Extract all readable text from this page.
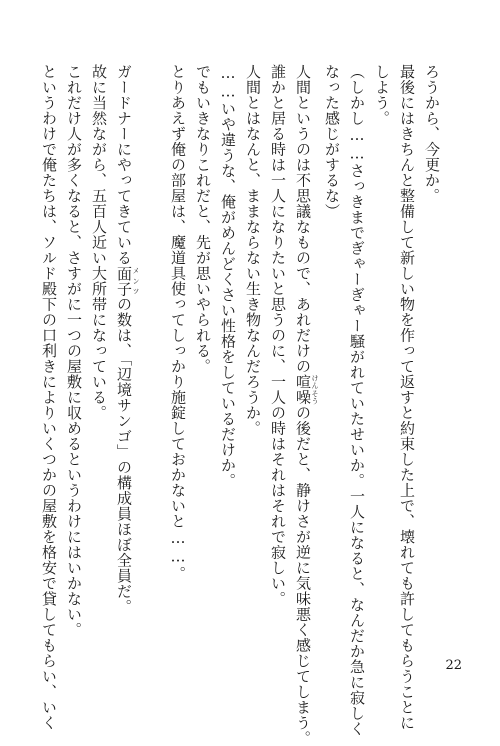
ろうから、今更か。
最後にはきちんと整備して新しい物を作って返すと約束した上で、壊れても許してもらうことに
しよう。
（しかし……さっきまでぎゃーぎゃー騒がれていたせいか。一人になると、なんだか急に寂しく
なった感じがするな）
人間というのは不思議なもので、あれだけの喧噪 けんそうの後だと、静けさが逆に気味悪く感じてしまう。
誰かと居る時は一人になりたいと思うのに、一人の時はそれはそれで寂しい。
人間とはなんと、ままならない生き物なんだろうか。
……いや違うな、俺がめんどくさい性格をしているだけか。
でもいきなりこれだと、先が思いやられる。
とりあえず俺の部屋は、魔道具使ってしっかり施錠しておかないと……。
ガードナーにやってきている面子 メンツの数は、「辺境サンゴ」の構成員ほぼ全員だ。
故に当然ながら、五百人近い大所帯になっている。
これだけ人が多くなると、さすがに一つの屋敷に収めるというわけにはいかない。
というわけで俺たちは、ソルド殿下の口利きによりいくつかの屋敷を格安で貸してもらい、いく	22
